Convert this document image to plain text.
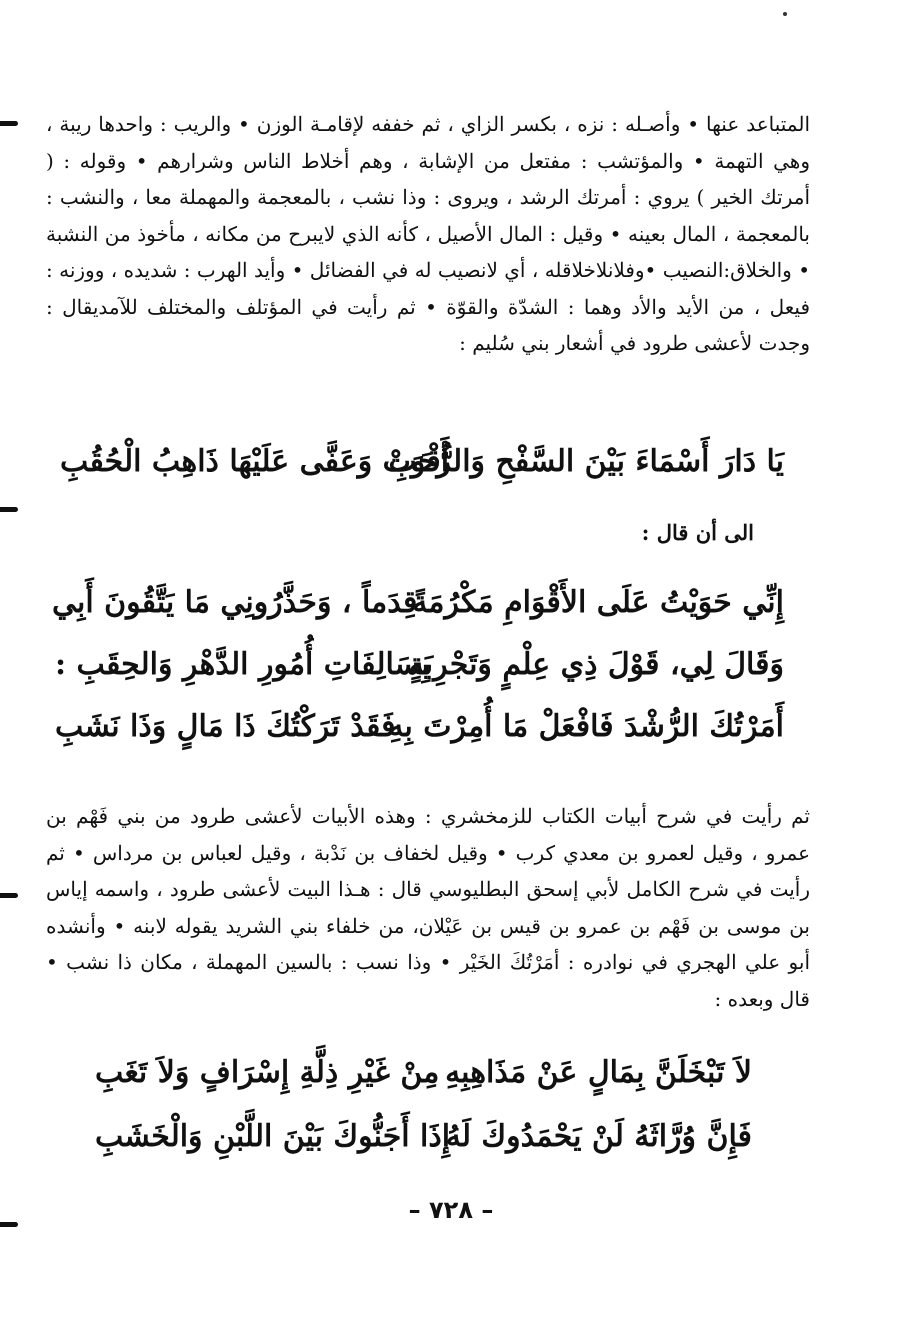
المتباعد عنها • وأصـله : نزه ، بكسر الزاي ، ثم خففه لإقامـة الوزن • والريب : واحدها ريبة ، وهي التهمة • والمؤتشب : مفتعل من الإشابة ، وهم أخلاط الناس وشرارهم • وقوله : ( أمرتك الخير ) يروي : أمرتك الرشد ، ويروى : وذا نشب ، بالمعجمة والمهملة معا ، والنشب : بالمعجمة ، المال بعينه • وقيل : المال الأصيل ، كأنه الذي لايبرح من مكانه ، مأخوذ من النشبة • والخلاق:النصيب •وفلانلاخلاقله ، أي لانصيب له في الفضائل • وأيد الهرب : شديده ، ووزنه : فيعل ، من الأيد والأد وهما : الشدّة والقوّة • ثم رأيت في المؤتلف والمختلف للآمديقال : وجدت لأعشى طرود في أشعار بني سُليم :

يَا دَارَ أَسْمَاءَ بَيْنَ السَّفْحِ وَالرُّحَبِ
أَقْوَتْ وَعَفَّى عَلَيْهَا ذَاهِبُ الْحُقُبِ
الى أن قال :
إِنِّي حَوَيْتُ عَلَى الأَقْوَامِ مَكْرُمَةً
قِدَماً ، وَحَذَّرُونِي مَا يَتَّقُونَ أَبِي
وَقَالَ لِي، قَوْلَ ذِي عِلْمٍ وَتَجْرِبَةٍ
بِسَالِفَاتِ أُمُورِ الدَّهْرِ وَالحِقَبِ :
أَمَرْتُكَ الرُّشْدَ فَافْعَلْ مَا أُمِرْتَ بِهِ
فَقَدْ تَرَكْتُكَ ذَا مَالٍ وَذَا نَشَبِ

ثم رأيت في شرح أبيات الكتاب للزمخشري : وهذه الأبيات لأعشى طرود من بني فَهْم بن عمرو ، وقيل لعمرو بن معدي كرب • وقيل لخفاف بن نَدْبة ، وقيل لعباس بن مرداس • ثم رأيت في شرح الكامل لأبي إسحق البطليوسي قال : هـذا البيت لأعشى طرود ، واسمه إياس بن موسى بن فَهْم بن عمرو بن قيس بن عَيْلان، من خلفاء بني الشريد يقوله لابنه • وأنشده أبو علي الهجري في نوادره : أمَرْتُكَ الخَيْر • وذا نسب : بالسين المهملة ، مكان ذا نشب • قال وبعده :

لاَ تَبْخَلَنَّ بِمَالٍ عَنْ مَذَاهِبِهِ
مِنْ غَيْرِ ذِلَّةِ إِسْرَافٍ وَلاَ تَغَبِ
فَإِنَّ وُرَّاثَهُ لَنْ يَحْمَدُوكَ لَهُ
إِذَا أَجَنُّوكَ بَيْنَ اللَّبْنِ وَالْخَشَبِ
– ٧٢٨ –
